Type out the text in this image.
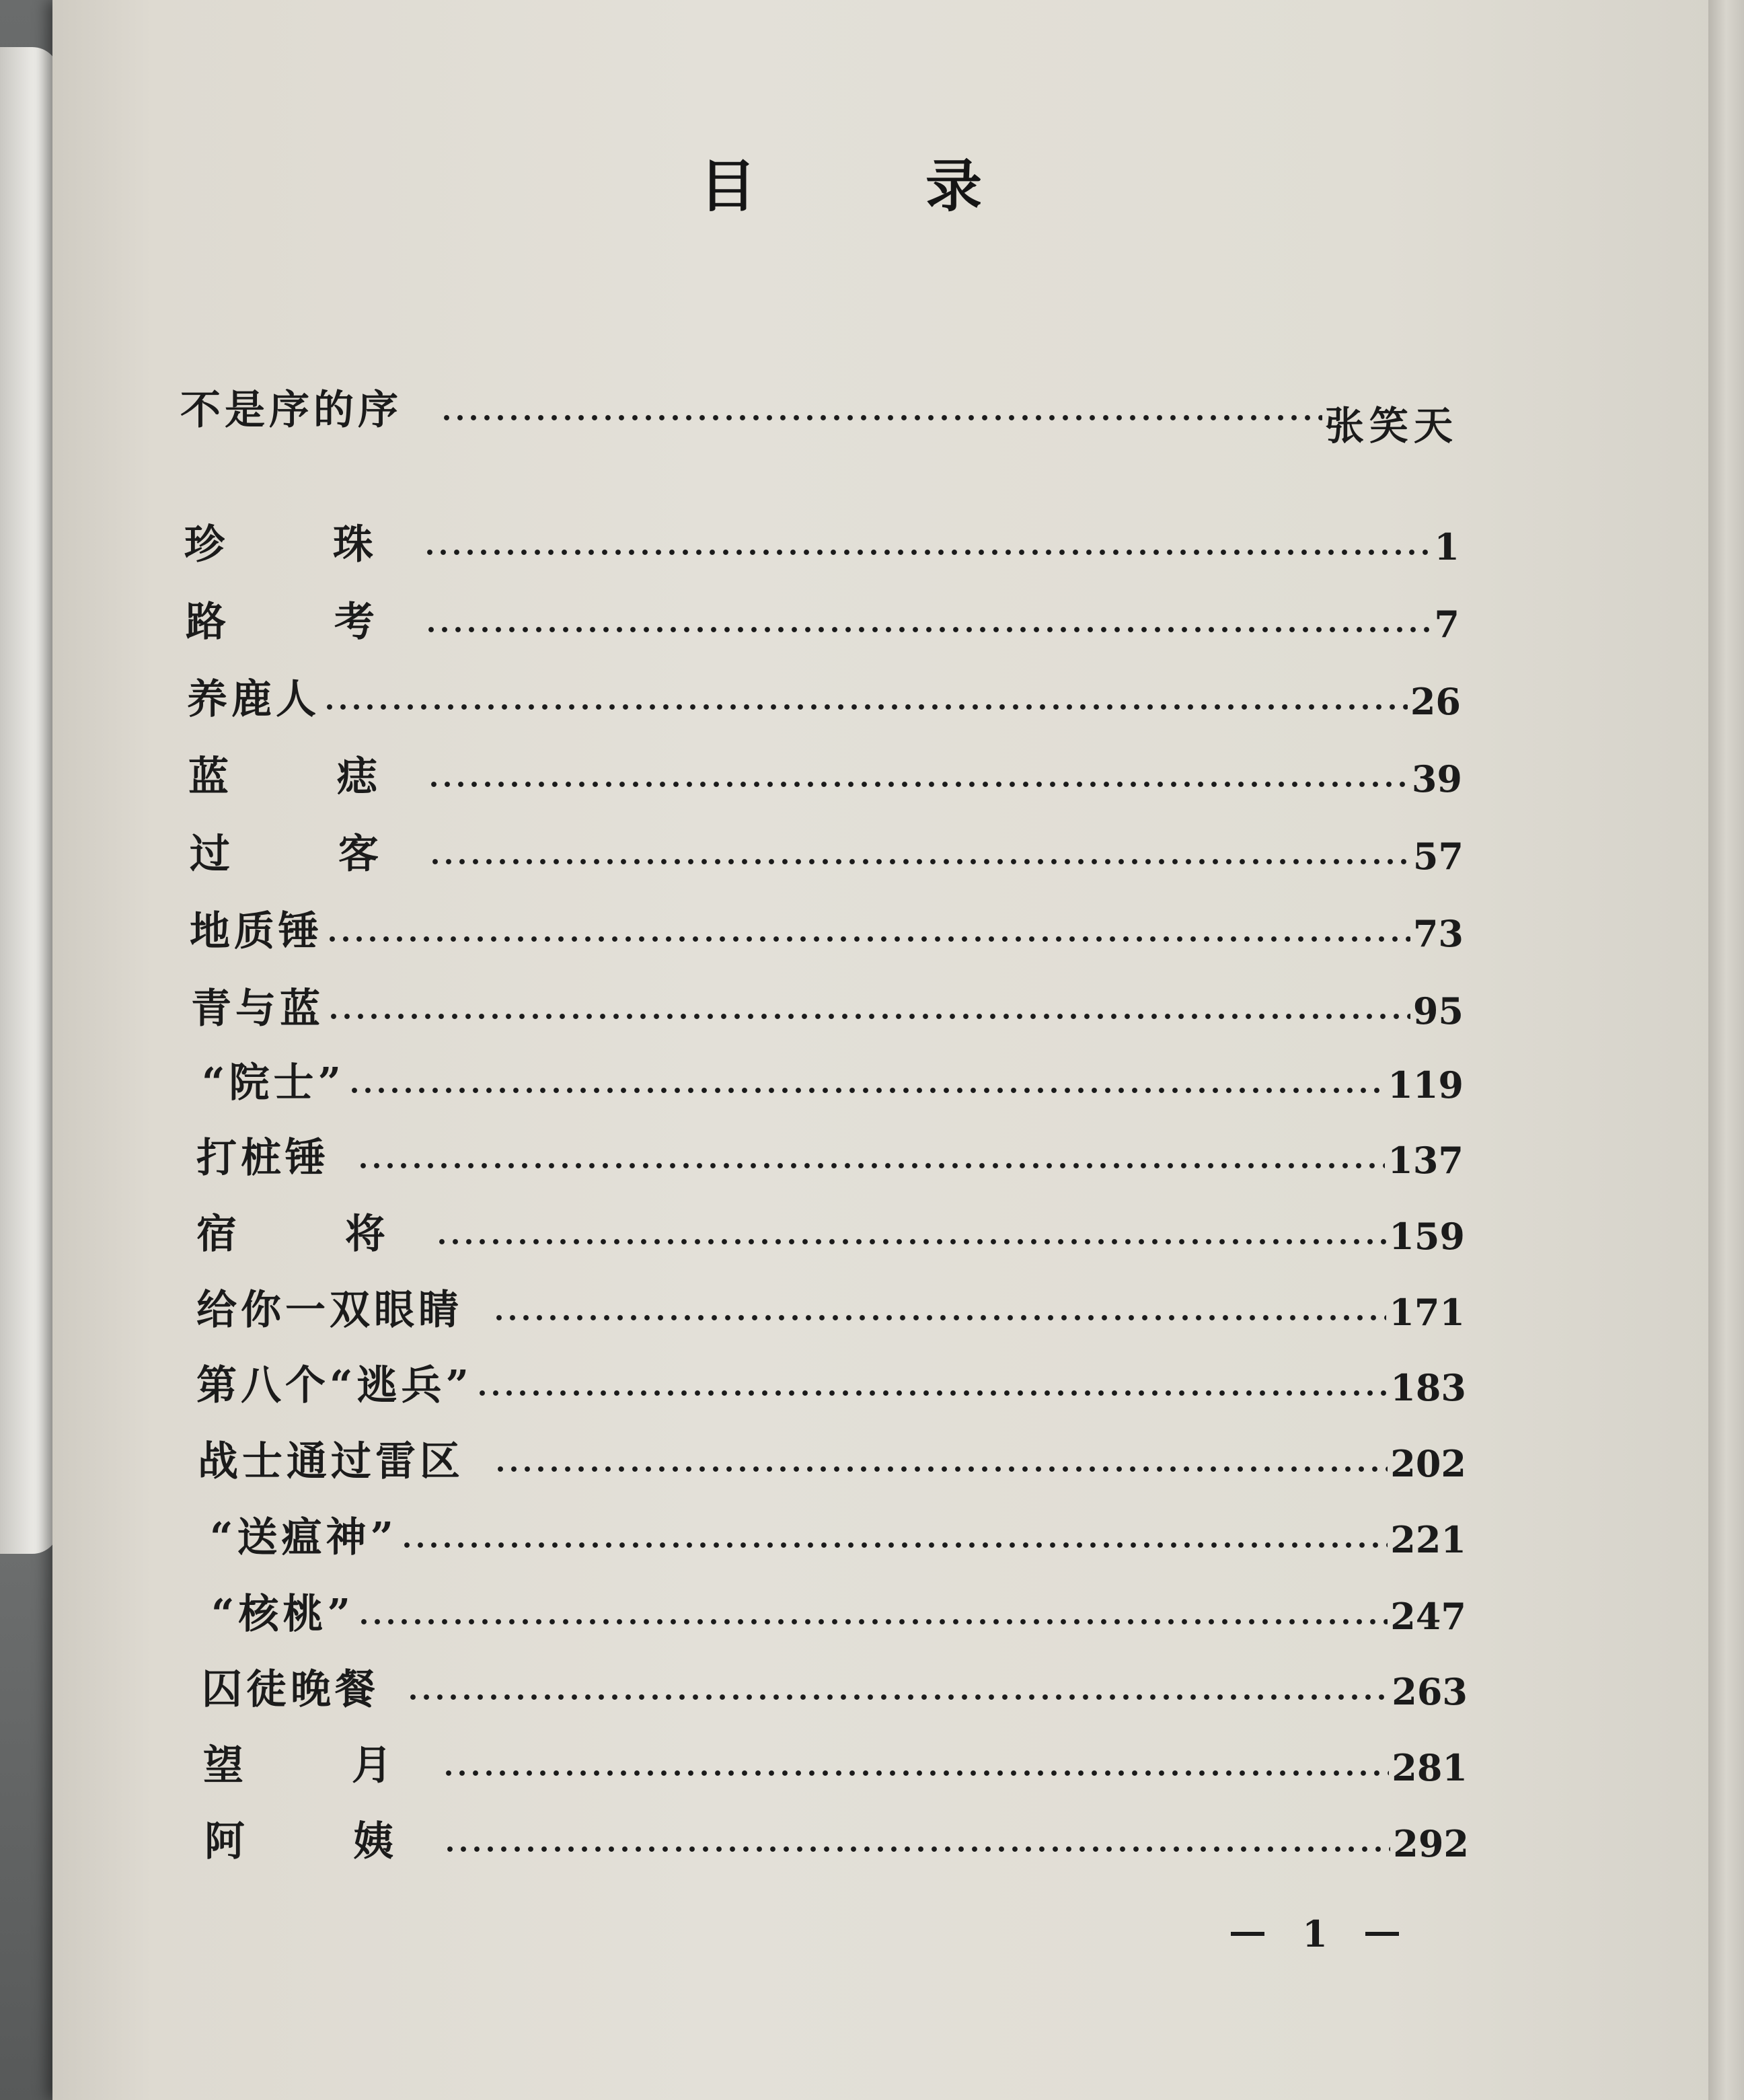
目	录
不是序的序	张笑天
珍 珠	1
路 考	7
养鹿人	26
蓝 痣	39
过 客	57
地质锤	73
青与蓝	95
“院士”	119
打桩锤	137
宿 将	159
给你一双眼睛	171
第八个“逃兵”	183
战士通过雷区	202
“送瘟神”	221
“核桃”	247
囚徒晚餐	263
望 月	281
阿 姨	292
1
